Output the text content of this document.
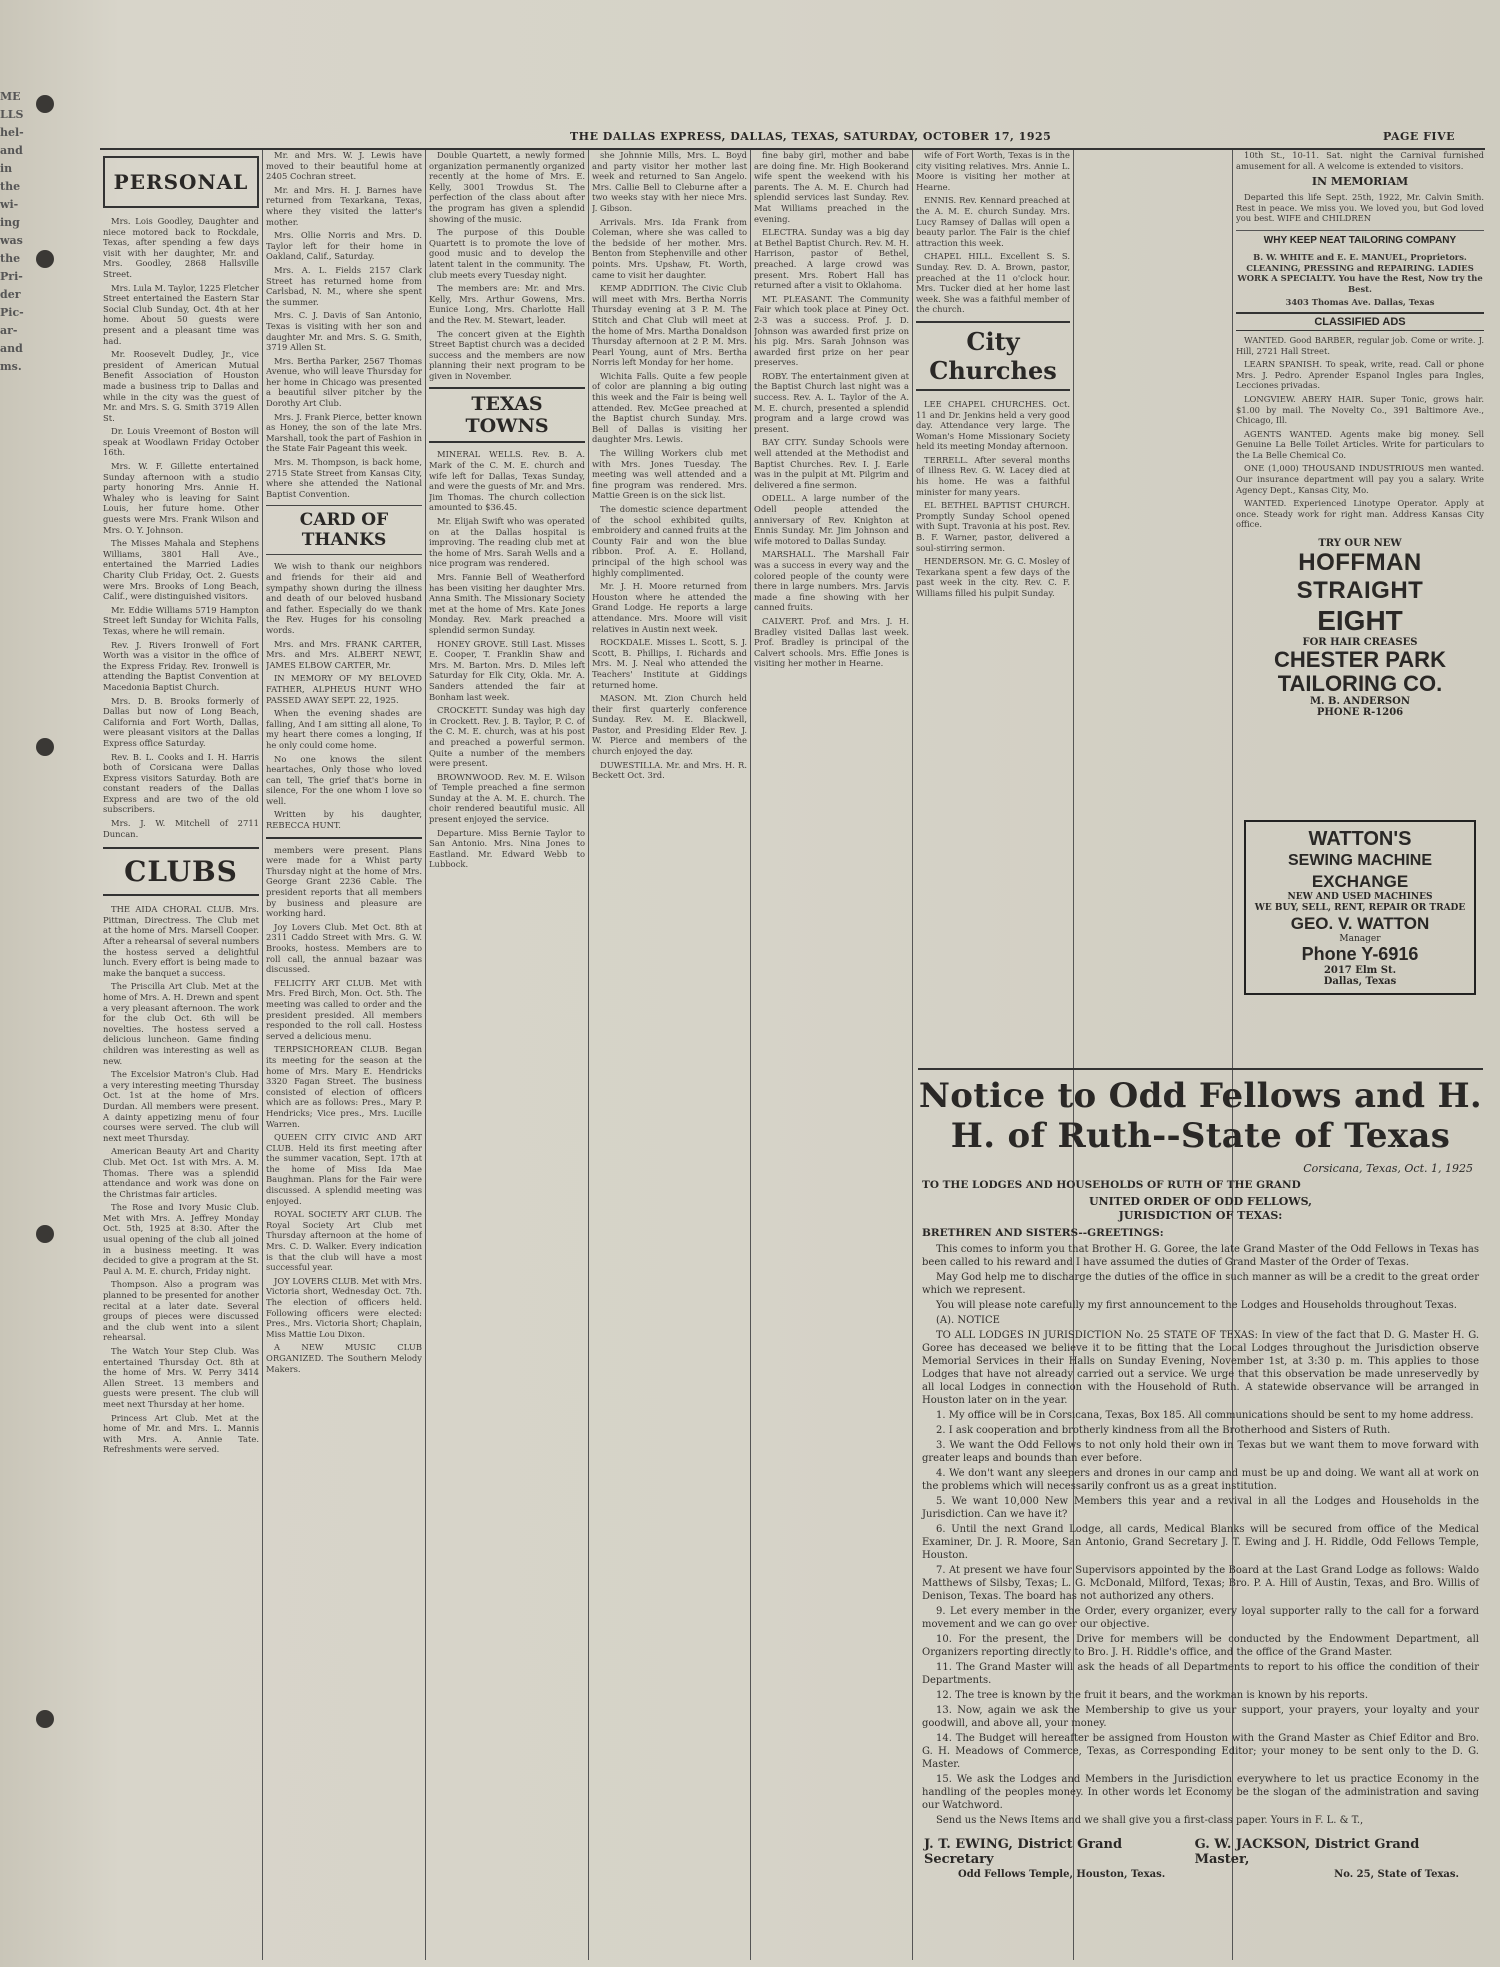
ME
LLS
hel-
and
in
the
wi-
ing
was
the
Pri-
der
Pic-
ar-
and
ms.
THE DALLAS EXPRESS, DALLAS, TEXAS, SATURDAY, OCTOBER 17, 1925	PAGE FIVE
PERSONAL

Mrs. Lois Goodley, Daughter and niece motored back to Rockdale, Texas, after spending a few days visit with her daughter, Mr. and Mrs. Goodley, 2868 Hallsville Street.

Mrs. Lula M. Taylor, 1225 Fletcher Street entertained the Eastern Star Social Club Sunday, Oct. 4th at her home. About 50 guests were present and a pleasant time was had.

Mr. Roosevelt Dudley, Jr., vice president of American Mutual Benefit Association of Houston made a business trip to Dallas and while in the city was the guest of Mr. and Mrs. S. G. Smith 3719 Allen St.

Dr. Louis Vreemont of Boston will speak at Woodlawn Friday October 16th.

Mrs. W. F. Gillette entertained Sunday afternoon with a studio party honoring Mrs. Annie H. Whaley who is leaving for Saint Louis, her future home. Other guests were Mrs. Frank Wilson and Mrs. O. Y. Johnson.

The Misses Mahala and Stephens Williams, 3801 Hall Ave., entertained the Married Ladies Charity Club Friday, Oct. 2. Guests were Mrs. Brooks of Long Beach, Calif., were distinguished visitors.

Mr. Eddie Williams 5719 Hampton Street left Sunday for Wichita Falls, Texas, where he will remain.

Rev. J. Rivers Ironwell of Fort Worth was a visitor in the office of the Express Friday. Rev. Ironwell is attending the Baptist Convention at Macedonia Baptist Church.

Mrs. D. B. Brooks formerly of Dallas but now of Long Beach, California and Fort Worth, Dallas, were pleasant visitors at the Dallas Express office Saturday.

Rev. B. L. Cooks and I. H. Harris both of Corsicana were Dallas Express visitors Saturday. Both are constant readers of the Dallas Express and are two of the old subscribers.

Mrs. J. W. Mitchell of 2711 Duncan.

CLUBS

THE AIDA CHORAL CLUB. Mrs. Pittman, Directress. The Club met at the home of Mrs. Marsell Cooper. After a rehearsal of several numbers the hostess served a delightful lunch. Every effort is being made to make the banquet a success.

The Priscilla Art Club. Met at the home of Mrs. A. H. Drewn and spent a very pleasant afternoon. The work for the club Oct. 6th will be novelties. The hostess served a delicious luncheon. Game finding children was interesting as well as new.

The Excelsior Matron's Club. Had a very interesting meeting Thursday Oct. 1st at the home of Mrs. Durdan. All members were present. A dainty appetizing menu of four courses were served. The club will next meet Thursday.

American Beauty Art and Charity Club. Met Oct. 1st with Mrs. A. M. Thomas. There was a splendid attendance and work was done on the Christmas fair articles.

The Rose and Ivory Music Club. Met with Mrs. A. Jeffrey Monday Oct. 5th, 1925 at 8:30. After the usual opening of the club all joined in a business meeting. It was decided to give a program at the St. Paul A. M. E. church, Friday night.

Thompson. Also a program was planned to be presented for another recital at a later date. Several groups of pieces were discussed and the club went into a silent rehearsal.

The Watch Your Step Club. Was entertained Thursday Oct. 8th at the home of Mrs. W. Perry 3414 Allen Street. 13 members and guests were present. The club will meet next Thursday at her home.

Princess Art Club. Met at the home of Mr. and Mrs. L. Mannis with Mrs. A. Annie Tate. Refreshments were served.

Mr. and Mrs. W. J. Lewis have moved to their beautiful home at 2405 Cochran street.

Mr. and Mrs. H. J. Barnes have returned from Texarkana, Texas, where they visited the latter's mother.

Mrs. Ollie Norris and Mrs. D. Taylor left for their home in Oakland, Calif., Saturday.

Mrs. A. L. Fields 2157 Clark Street has returned home from Carlsbad, N. M., where she spent the summer.

Mrs. C. J. Davis of San Antonio, Texas is visiting with her son and daughter Mr. and Mrs. S. G. Smith, 3719 Allen St.

Mrs. Bertha Parker, 2567 Thomas Avenue, who will leave Thursday for her home in Chicago was presented a beautiful silver pitcher by the Dorothy Art Club.

Mrs. J. Frank Pierce, better known as Honey, the son of the late Mrs. Marshall, took the part of Fashion in the State Fair Pageant this week.

Mrs. M. Thompson, is back home, 2715 State Street from Kansas City, where she attended the National Baptist Convention.

CARD OF THANKS

We wish to thank our neighbors and friends for their aid and sympathy shown during the illness and death of our beloved husband and father. Especially do we thank the Rev. Huges for his consoling words.

Mrs. and Mrs. FRANK CARTER, Mrs. and Mrs. ALBERT NEWT, JAMES ELBOW CARTER, Mr.

IN MEMORY OF MY BELOVED FATHER, ALPHEUS HUNT WHO PASSED AWAY SEPT. 22, 1925.

When the evening shades are falling, And I am sitting all alone, To my heart there comes a longing, If he only could come home.

No one knows the silent heartaches, Only those who loved can tell, The grief that's borne in silence, For the one whom I love so well.

Written by his daughter, REBECCA HUNT.

members were present. Plans were made for a Whist party Thursday night at the home of Mrs. George Grant 2236 Cable. The president reports that all members by business and pleasure are working hard.

Joy Lovers Club. Met Oct. 8th at 2311 Caddo Street with Mrs. G. W. Brooks, hostess. Members are to roll call, the annual bazaar was discussed.

FELICITY ART CLUB. Met with Mrs. Fred Birch, Mon. Oct. 5th. The meeting was called to order and the president presided. All members responded to the roll call. Hostess served a delicious menu.

TERPSICHOREAN CLUB. Began its meeting for the season at the home of Mrs. Mary E. Hendricks 3320 Fagan Street. The business consisted of election of officers which are as follows: Pres., Mary P. Hendricks; Vice pres., Mrs. Lucille Warren.

QUEEN CITY CIVIC AND ART CLUB. Held its first meeting after the summer vacation, Sept. 17th at the home of Miss Ida Mae Baughman. Plans for the Fair were discussed. A splendid meeting was enjoyed.

ROYAL SOCIETY ART CLUB. The Royal Society Art Club met Thursday afternoon at the home of Mrs. C. D. Walker. Every indication is that the club will have a most successful year.

JOY LOVERS CLUB. Met with Mrs. Victoria short, Wednesday Oct. 7th. The election of officers held. Following officers were elected: Pres., Mrs. Victoria Short; Chaplain, Miss Mattie Lou Dixon.

A NEW MUSIC CLUB ORGANIZED. The Southern Melody Makers.

Double Quartett, a newly formed organization permanently organized recently at the home of Mrs. E. Kelly, 3001 Trowdus St. The perfection of the class about after the program has given a splendid showing of the music.

The purpose of this Double Quartett is to promote the love of good music and to develop the latent talent in the community. The club meets every Tuesday night.

The members are: Mr. and Mrs. Kelly, Mrs. Arthur Gowens, Mrs. Eunice Long, Mrs. Charlotte Hall and the Rev. M. Stewart, leader.

The concert given at the Eighth Street Baptist church was a decided success and the members are now planning their next program to be given in November.

TEXAS TOWNS

MINERAL WELLS. Rev. B. A. Mark of the C. M. E. church and wife left for Dallas, Texas Sunday, and were the guests of Mr. and Mrs. Jim Thomas. The church collection amounted to $36.45.

Mr. Elijah Swift who was operated on at the Dallas hospital is improving. The reading club met at the home of Mrs. Sarah Wells and a nice program was rendered.

Mrs. Fannie Bell of Weatherford has been visiting her daughter Mrs. Anna Smith. The Missionary Society met at the home of Mrs. Kate Jones Monday. Rev. Mark preached a splendid sermon Sunday.

HONEY GROVE. Still Last. Misses E. Cooper, T. Franklin Shaw and Mrs. M. Barton. Mrs. D. Miles left Saturday for Elk City, Okla. Mr. A. Sanders attended the fair at Bonham last week.

CROCKETT. Sunday was high day in Crockett. Rev. J. B. Taylor, P. C. of the C. M. E. church, was at his post and preached a powerful sermon. Quite a number of the members were present.

BROWNWOOD. Rev. M. E. Wilson of Temple preached a fine sermon Sunday at the A. M. E. church. The choir rendered beautiful music. All present enjoyed the service.

Departure. Miss Bernie Taylor to San Antonio. Mrs. Nina Jones to Eastland. Mr. Edward Webb to Lubbock.

she Johnnie Mills, Mrs. L. Boyd and party visitor her mother last week and returned to San Angelo. Mrs. Callie Bell to Cleburne after a two weeks stay with her niece Mrs. J. Gibson.

Arrivals. Mrs. Ida Frank from Coleman, where she was called to the bedside of her mother. Mrs. Benton from Stephenville and other points. Mrs. Upshaw, Ft. Worth, came to visit her daughter.

KEMP ADDITION. The Civic Club will meet with Mrs. Bertha Norris Thursday evening at 3 P. M. The Stitch and Chat Club will meet at the home of Mrs. Martha Donaldson Thursday afternoon at 2 P. M. Mrs. Pearl Young, aunt of Mrs. Bertha Norris left Monday for her home.

Wichita Falls. Quite a few people of color are planning a big outing this week and the Fair is being well attended. Rev. McGee preached at the Baptist church Sunday. Mrs. Bell of Dallas is visiting her daughter Mrs. Lewis.

The Willing Workers club met with Mrs. Jones Tuesday. The meeting was well attended and a fine program was rendered. Mrs. Mattie Green is on the sick list.

The domestic science department of the school exhibited quilts, embroidery and canned fruits at the County Fair and won the blue ribbon. Prof. A. E. Holland, principal of the high school was highly complimented.

Mr. J. H. Moore returned from Houston where he attended the Grand Lodge. He reports a large attendance. Mrs. Moore will visit relatives in Austin next week.

ROCKDALE. Misses L. Scott, S. J. Scott, B. Phillips, I. Richards and Mrs. M. J. Neal who attended the Teachers' Institute at Giddings returned home.

MASON. Mt. Zion Church held their first quarterly conference Sunday. Rev. M. E. Blackwell, Pastor, and Presiding Elder Rev. J. W. Pierce and members of the church enjoyed the day.

DUWESTILLA. Mr. and Mrs. H. R. Beckett Oct. 3rd.

fine baby girl, mother and babe are doing fine. Mr. High Bookerand wife spent the weekend with his parents. The A. M. E. Church had splendid services last Sunday. Rev. Mat Williams preached in the evening.

ELECTRA. Sunday was a big day at Bethel Baptist Church. Rev. M. H. Harrison, pastor of Bethel, preached. A large crowd was present. Mrs. Robert Hall has returned after a visit to Oklahoma.

MT. PLEASANT. The Community Fair which took place at Piney Oct. 2-3 was a success. Prof. J. D. Johnson was awarded first prize on his pig. Mrs. Sarah Johnson was awarded first prize on her pear preserves.

ROBY. The entertainment given at the Baptist Church last night was a success. Rev. A. L. Taylor of the A. M. E. church, presented a splendid program and a large crowd was present.

BAY CITY. Sunday Schools were well attended at the Methodist and Baptist Churches. Rev. I. J. Earle was in the pulpit at Mt. Pilgrim and delivered a fine sermon.

ODELL. A large number of the Odell people attended the anniversary of Rev. Knighton at Ennis Sunday. Mr. Jim Johnson and wife motored to Dallas Sunday.

MARSHALL. The Marshall Fair was a success in every way and the colored people of the county were there in large numbers. Mrs. Jarvis made a fine showing with her canned fruits.

CALVERT. Prof. and Mrs. J. H. Bradley visited Dallas last week. Prof. Bradley is principal of the Calvert schools. Mrs. Effie Jones is visiting her mother in Hearne.

wife of Fort Worth, Texas is in the city visiting relatives. Mrs. Annie L. Moore is visiting her mother at Hearne.

ENNIS. Rev. Kennard preached at the A. M. E. church Sunday. Mrs. Lucy Ramsey of Dallas will open a beauty parlor. The Fair is the chief attraction this week.

CHAPEL HILL. Excellent S. S. Sunday. Rev. D. A. Brown, pastor, preached at the 11 o'clock hour. Mrs. Tucker died at her home last week. She was a faithful member of the church.

City Churches

LEE CHAPEL CHURCHES. Oct. 11 and Dr. Jenkins held a very good day. Attendance very large. The Woman's Home Missionary Society held its meeting Monday afternoon.

TERRELL. After several months of illness Rev. G. W. Lacey died at his home. He was a faithful minister for many years.

EL BETHEL BAPTIST CHURCH. Promptly Sunday School opened with Supt. Travonia at his post. Rev. B. F. Warner, pastor, delivered a soul-stirring sermon.

HENDERSON. Mr. G. C. Mosley of Texarkana spent a few days of the past week in the city. Rev. C. F. Williams filled his pulpit Sunday.

10th St., 10-11. Sat. night the Carnival furnished amusement for all. A welcome is extended to visitors.

IN MEMORIAM

Departed this life Sept. 25th, 1922, Mr. Calvin Smith. Rest in peace. We miss you. We loved you, but God loved you best. WIFE and CHILDREN

WHY KEEP NEAT TAILORING COMPANY

B. W. WHITE and E. E. MANUEL, Proprietors. CLEANING, PRESSING and REPAIRING. LADIES WORK A SPECIALTY. You have the Rest, Now try the Best.

3403 Thomas Ave. Dallas, Texas

CLASSIFIED ADS

WANTED. Good BARBER, regular job. Come or write. J. Hill, 2721 Hall Street.

LEARN SPANISH. To speak, write, read. Call or phone Mrs. J. Pedro. Aprender Espanol Ingles para Ingles, Lecciones privadas.

LONGVIEW. ABERY HAIR. Super Tonic, grows hair. $1.00 by mail. The Novelty Co., 391 Baltimore Ave., Chicago, Ill.

AGENTS WANTED. Agents make big money. Sell Genuine La Belle Toilet Articles. Write for particulars to the La Belle Chemical Co.

ONE (1,000) THOUSAND INDUSTRIOUS men wanted. Our insurance department will pay you a salary. Write Agency Dept., Kansas City, Mo.

WANTED. Experienced Linotype Operator. Apply at once. Steady work for right man. Address Kansas City office.

TRY OUR NEW
HOFFMAN STRAIGHT
EIGHT
FOR HAIR CREASES
CHESTER PARK TAILORING CO.
M. B. ANDERSON
PHONE R-1206
WATTON'S
SEWING MACHINE
EXCHANGE
NEW AND USED MACHINES
WE BUY, SELL, RENT, REPAIR OR TRADE
GEO. V. WATTON
Manager
Phone Y-6916
2017 Elm St.
Dallas, Texas
Notice to Odd Fellows and H. H. of Ruth--State of Texas
Corsicana, Texas, Oct. 1, 1925
TO THE LODGES AND HOUSEHOLDS OF RUTH OF THE GRAND
UNITED ORDER OF ODD FELLOWS,
JURISDICTION OF TEXAS:
BRETHREN AND SISTERS--GREETINGS:

This comes to inform you that Brother H. G. Goree, the late Grand Master of the Odd Fellows in Texas has been called to his reward and I have assumed the duties of Grand Master of the Order of Texas.

May God help me to discharge the duties of the office in such manner as will be a credit to the great order which we represent.

You will please note carefully my first announcement to the Lodges and Households throughout Texas.

(A). NOTICE

TO ALL LODGES IN JURISDICTION No. 25 STATE OF TEXAS: In view of the fact that D. G. Master H. G. Goree has deceased we believe it to be fitting that the Local Lodges throughout the Jurisdiction observe Memorial Services in their Halls on Sunday Evening, November 1st, at 3:30 p. m. This applies to those Lodges that have not already carried out a service. We urge that this observation be made unreservedly by all local Lodges in connection with the Household of Ruth. A statewide observance will be arranged in Houston later on in the year.

1. My office will be in Corsicana, Texas, Box 185. All communications should be sent to my home address.

2. I ask cooperation and brotherly kindness from all the Brotherhood and Sisters of Ruth.

3. We want the Odd Fellows to not only hold their own in Texas but we want them to move forward with greater leaps and bounds than ever before.

4. We don't want any sleepers and drones in our camp and must be up and doing. We want all at work on the problems which will necessarily confront us as a great institution.

5. We want 10,000 New Members this year and a revival in all the Lodges and Households in the Jurisdiction. Can we have it?

6. Until the next Grand Lodge, all cards, Medical Blanks will be secured from office of the Medical Examiner, Dr. J. R. Moore, San Antonio, Grand Secretary J. T. Ewing and J. H. Riddle, Odd Fellows Temple, Houston.

7. At present we have four Supervisors appointed by the Board at the Last Grand Lodge as follows: Waldo Matthews of Silsby, Texas; L. G. McDonald, Milford, Texas; Bro. P. A. Hill of Austin, Texas, and Bro. Willis of Denison, Texas. The board has not authorized any others.

9. Let every member in the Order, every organizer, every loyal supporter rally to the call for a forward movement and we can go over our objective.

10. For the present, the Drive for members will be conducted by the Endowment Department, all Organizers reporting directly to Bro. J. H. Riddle's office, and the office of the Grand Master.

11. The Grand Master will ask the heads of all Departments to report to his office the condition of their Departments.

12. The tree is known by the fruit it bears, and the workman is known by his reports.

13. Now, again we ask the Membership to give us your support, your prayers, your loyalty and your goodwill, and above all, your money.

14. The Budget will hereafter be assigned from Houston with the Grand Master as Chief Editor and Bro. G. H. Meadows of Commerce, Texas, as Corresponding Editor; your money to be sent only to the D. G. Master.

15. We ask the Lodges and Members in the Jurisdiction everywhere to let us practice Economy in the handling of the peoples money. In other words let Economy be the slogan of the administration and saving our Watchword.

Send us the News Items and we shall give you a first-class paper. Yours in F. L. & T.,

J. T. EWING, District Grand Secretary
G. W. JACKSON, District Grand Master,
Odd Fellows Temple, Houston, Texas.	No. 25, State of Texas.
